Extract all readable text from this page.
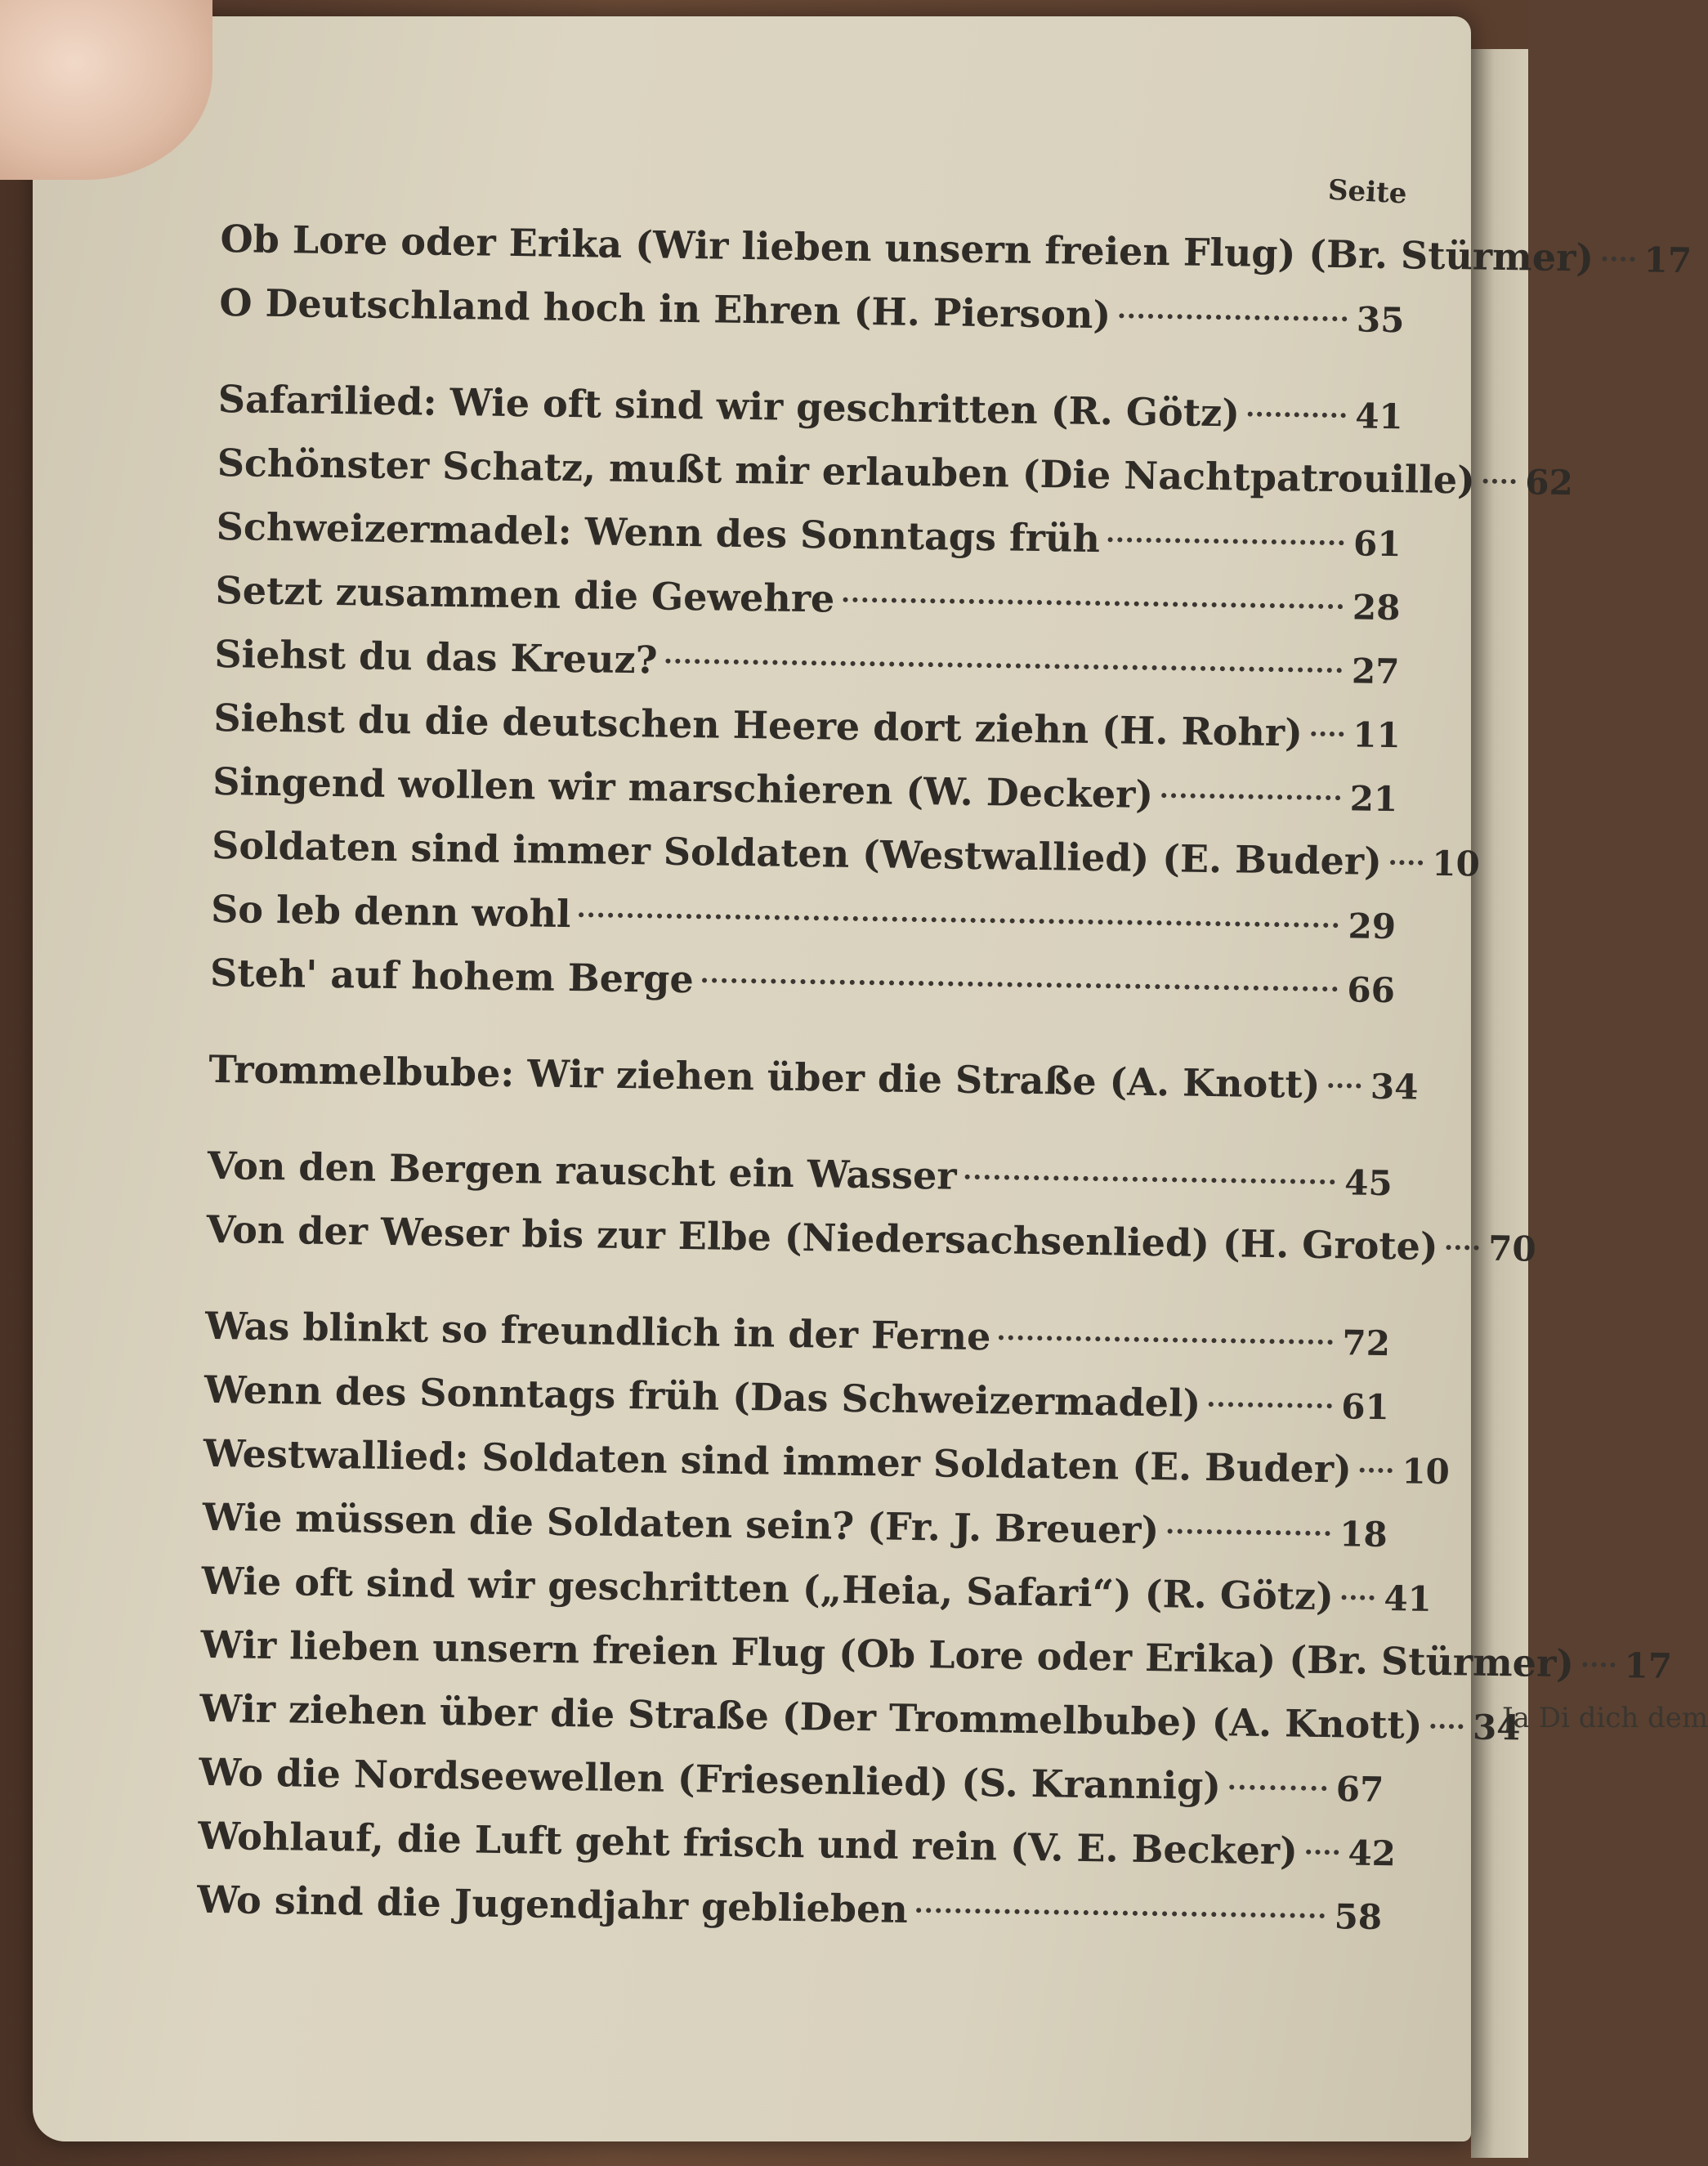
Ja Di dich dem
Seite
Ob Lore oder Erika (Wir lieben unsern freien Flug) (Br. Stürmer) 17
O Deutschland hoch in Ehren (H. Pierson)	35
Safarilied: Wie oft sind wir geschritten (R. Götz)	41
Schönster Schatz, mußt mir erlauben (Die Nachtpatrouille) 62
Schweizermadel: Wenn des Sonntags früh	61
Setzt zusammen die Gewehre	28
Siehst du das Kreuz?	27
Siehst du die deutschen Heere dort ziehn (H. Rohr) 11
Singend wollen wir marschieren (W. Decker)	21
Soldaten sind immer Soldaten (Westwallied) (E. Buder) 10
So leb denn wohl	29
Steh' auf hohem Berge	66
Trommelbube: Wir ziehen über die Straße (A. Knott) 34
Von den Bergen rauscht ein Wasser	45
Von der Weser bis zur Elbe (Niedersachsenlied) (H. Grote) 70
Was blinkt so freundlich in der Ferne	72
Wenn des Sonntags früh (Das Schweizermadel)	61
Westwallied: Soldaten sind immer Soldaten (E. Buder) 10
Wie müssen die Soldaten sein? (Fr. J. Breuer)	18
Wie oft sind wir geschritten („Heia, Safari“) (R. Götz) 41
Wir lieben unsern freien Flug (Ob Lore oder Erika) (Br. Stürmer) 17
Wir ziehen über die Straße (Der Trommelbube) (A. Knott) 34
Wo die Nordseewellen (Friesenlied) (S. Krannig)	67
Wohlauf, die Luft geht frisch und rein (V. E. Becker) 42
Wo sind die Jugendjahr geblieben	58
